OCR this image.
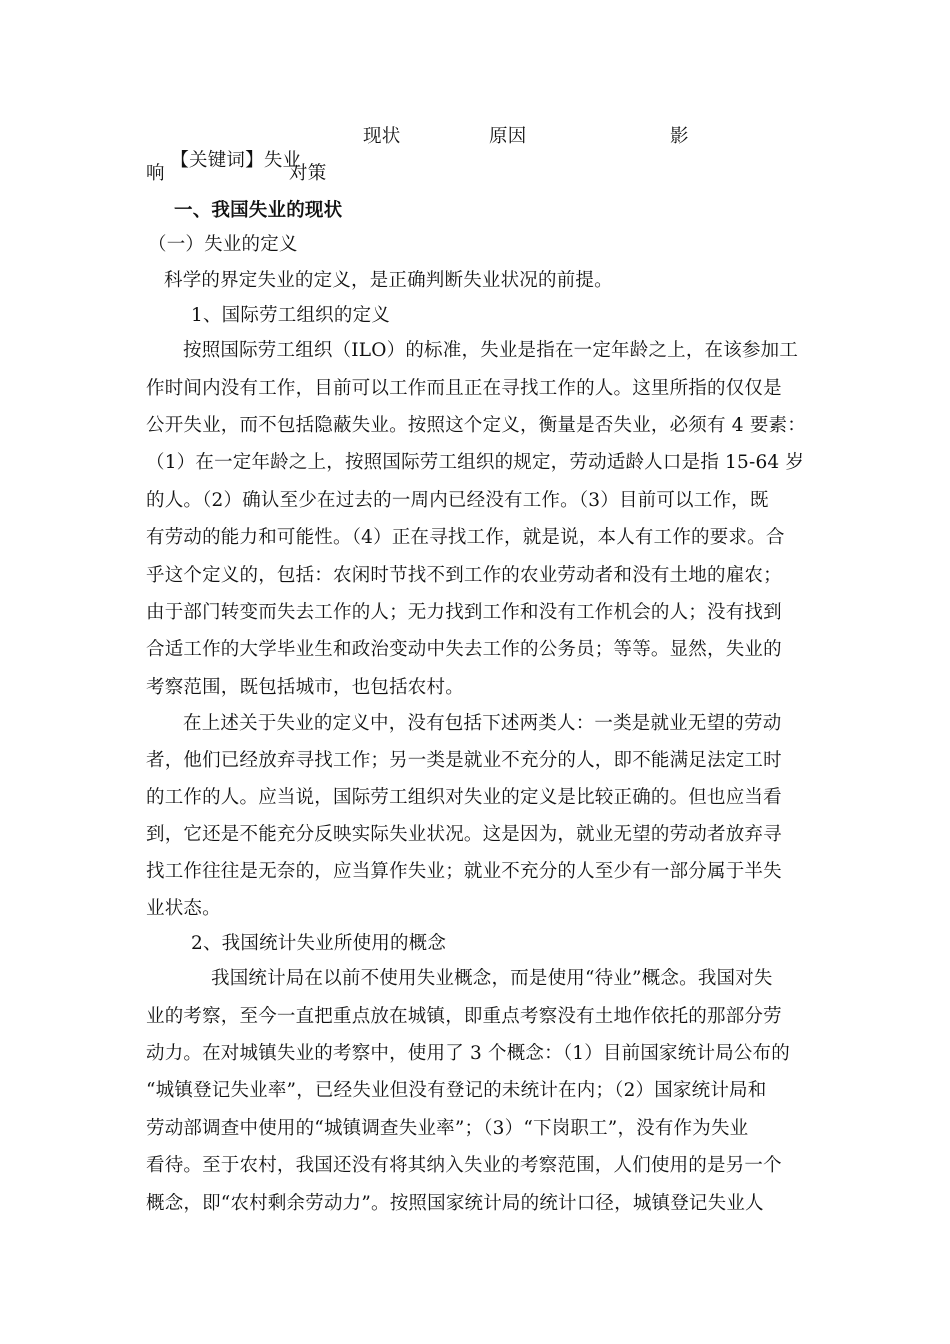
【关键词】失业

现状	原因	影
响	对策
一、我国失业的现状
（一）失业的定义
科学的界定失业的定义，是正确判断失业状况的前提。
1、国际劳工组织的定义
按照国际劳工组织（ILO）的标准，失业是指在一定年龄之上，在该参加工
作时间内没有工作，目前可以工作而且正在寻找工作的人。这里所指的仅仅是
公开失业，而不包括隐蔽失业。按照这个定义，衡量是否失业，必须有 4 要素：
（1）在一定年龄之上，按照国际劳工组织的规定，劳动适龄人口是指 15-64 岁
的人。（2）确认至少在过去的一周内已经没有工作。（3）目前可以工作，既
有劳动的能力和可能性。（4）正在寻找工作，就是说，本人有工作的要求。合
乎这个定义的，包括：农闲时节找不到工作的农业劳动者和没有土地的雇农；
由于部门转变而失去工作的人；无力找到工作和没有工作机会的人；没有找到
合适工作的大学毕业生和政治变动中失去工作的公务员；等等。显然，失业的
考察范围，既包括城市，也包括农村。
在上述关于失业的定义中，没有包括下述两类人：一类是就业无望的劳动
者，他们已经放弃寻找工作；另一类是就业不充分的人，即不能满足法定工时
的工作的人。应当说，国际劳工组织对失业的定义是比较正确的。但也应当看
到，它还是不能充分反映实际失业状况。这是因为，就业无望的劳动者放弃寻
找工作往往是无奈的，应当算作失业；就业不充分的人至少有一部分属于半失
业状态。
2、我国统计失业所使用的概念
我国统计局在以前不使用失业概念，而是使用“待业”概念。我国对失
业的考察，至今一直把重点放在城镇，即重点考察没有土地作依托的那部分劳
动力。在对城镇失业的考察中，使用了 3 个概念：（1）目前国家统计局公布的
“城镇登记失业率”，已经失业但没有登记的未统计在内；（2）国家统计局和
劳动部调查中使用的“城镇调查失业率”；（3）“下岗职工”，没有作为失业
看待。至于农村，我国还没有将其纳入失业的考察范围，人们使用的是另一个
概念，即“农村剩余劳动力”。按照国家统计局的统计口径，城镇登记失业人
